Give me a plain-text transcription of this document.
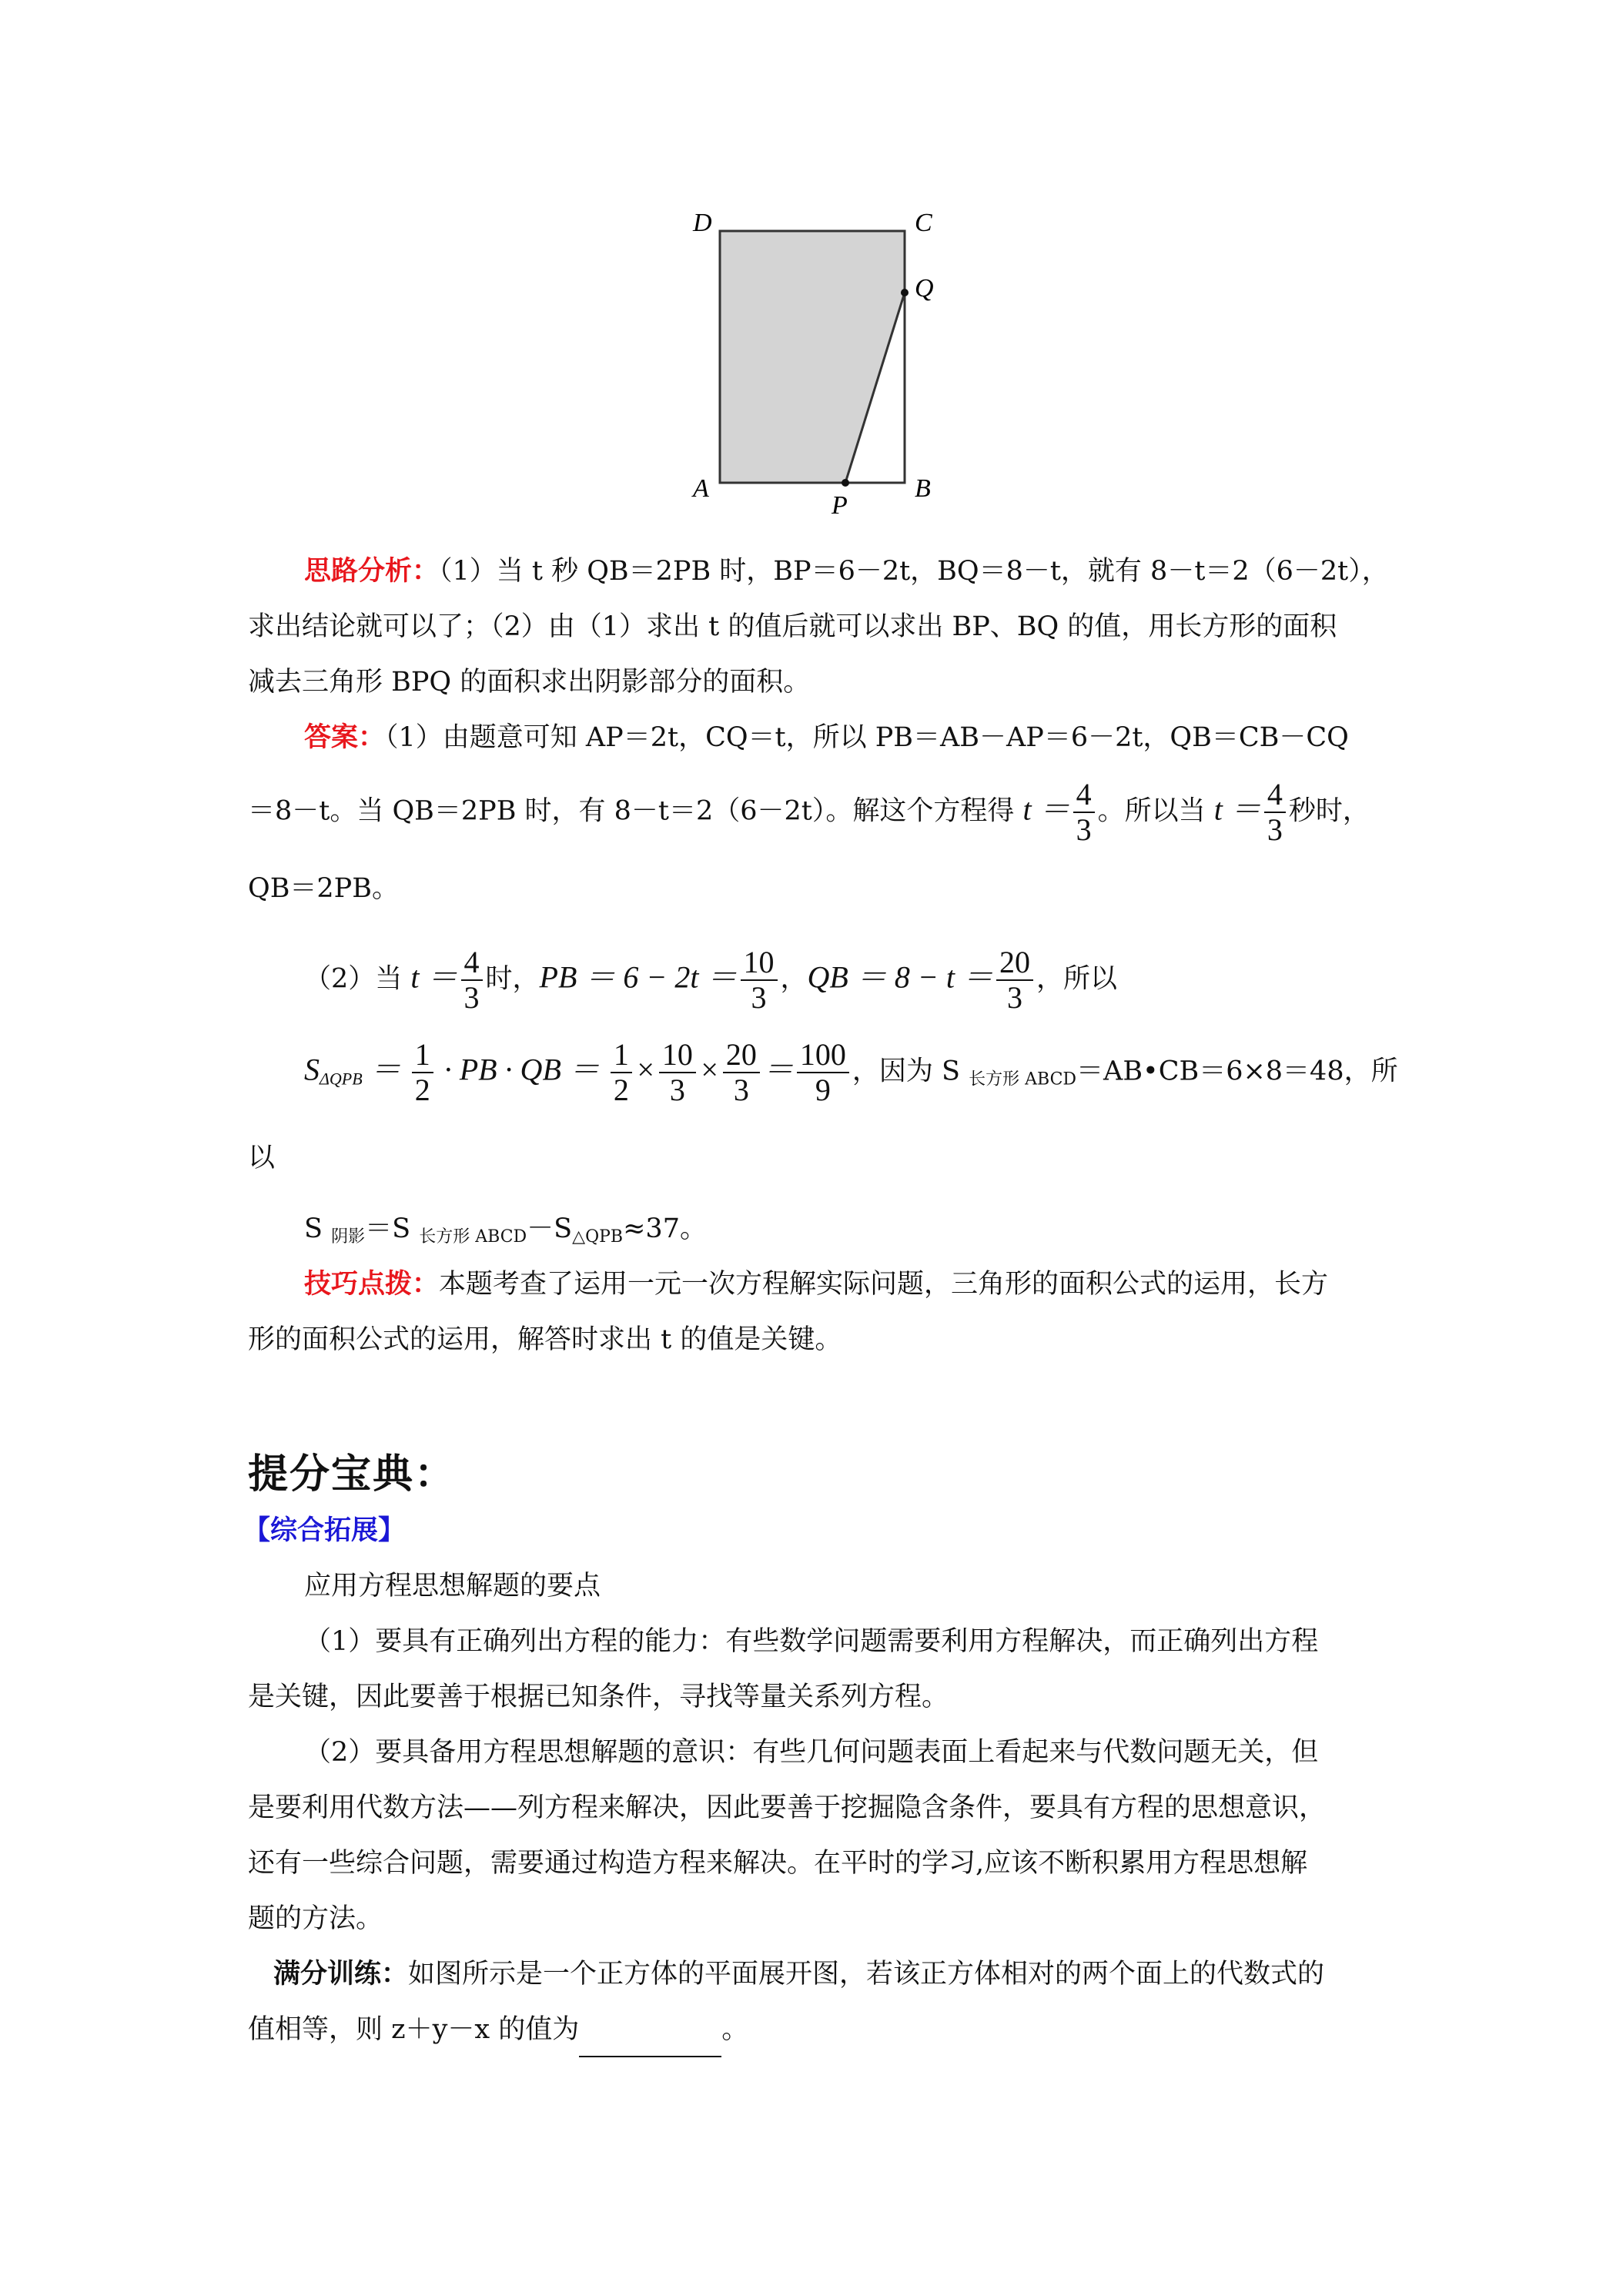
D	C
Q
A
P
B
思路分析：（1）当 t 秒 QB＝2PB 时，BP＝6－2t，BQ＝8－t，就有 8－t＝2（6－2t），
求出结论就可以了；（2）由（1）求出 t 的值后就可以求出 BP、BQ 的值，用长方形的面积
减去三角形 BPQ 的面积求出阴影部分的面积。
答案：（1）由题意可知 AP＝2t，CQ＝t，所以 PB＝AB－AP＝6－2t，QB＝CB－CQ
＝8－t。当 QB＝2PB 时，有 8－t＝2（6－2t）。解这个方程得 $t = \frac{4}{3}$ 。所以当 $t = \frac{4}{3}$ 秒时，
QB＝2PB。
（2）当 $t = \frac{4}{3}$ 时，PB ＝ $6 - 2t = \frac{10}{3}$ ，QB ＝ $8 - t = \frac{20}{3}$ ，所以
$S_{\Delta QPB} = \frac{1}{2}$ · PB · QB ＝ $\frac{1}{2} \times \frac{10}{3} \times \frac{20}{3} = \frac{100}{9}$ ，因为 S $_{长方形 ABCD}$＝AB•CB＝6×8＝48，所
以
S $_{阴影}$＝S $_{长方形 ABCD}-S_{\triangle QPB}\approx 37$。
技巧点拨：本题考查了运用一元一次方程解实际问题，三角形的面积公式的运用，长方
形的面积公式的运用，解答时求出 t 的值是关键。
提分宝典：
【综合拓展】
应用方程思想解题的要点
（1）要具有正确列出方程的能力：有些数学问题需要利用方程解决，而正确列出方程
是关键，因此要善于根据已知条件，寻找等量关系列方程。
（2）要具备用方程思想解题的意识：有些几何问题表面上看起来与代数问题无关，但
是要利用代数方法——列方程来解决，因此要善于挖掘隐含条件，要具有方程的思想意识，
还有一些综合问题，需要通过构造方程来解决。在平时的学习,应该不断积累用方程思想解
题的方法。
满分训练：如图所示是一个正方体的平面展开图，若该正方体相对的两个面上的代数式的
值相等，则 z＋y－x 的值为	。
